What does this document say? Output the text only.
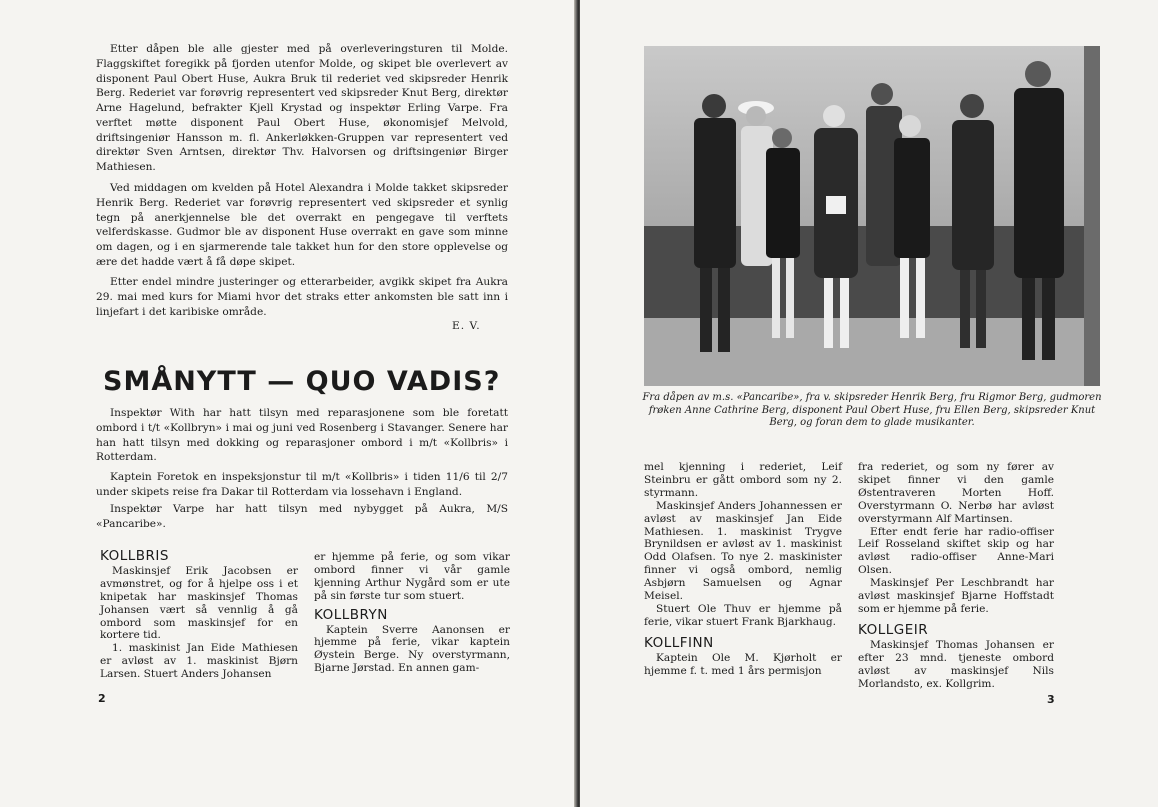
Etter dåpen ble alle gjester med på overleveringsturen til Molde. Flaggskiftet foregikk på fjorden utenfor Molde, og skipet ble overlevert av disponent Paul Obert Huse, Aukra Bruk til rederiet ved skipsreder Henrik Berg. Rederiet var forøvrig representert ved skipsreder Knut Berg, direktør Arne Hagelund, befrakter Kjell Krystad og inspektør Erling Varpe. Fra verftet møtte disponent Paul Obert Huse, økonomisjef Melvold, driftsingeniør Hansson m. fl. Ankerløkken-Gruppen var representert ved direktør Sven Arntsen, direktør Thv. Halvorsen og driftsingeniør Birger Mathiesen.

Ved middagen om kvelden på Hotel Alexandra i Molde takket skipsreder Henrik Berg. Rederiet var forøvrig representert ved skipsreder et synlig tegn på anerkjennelse ble det overrakt en pengegave til verftets velferdskasse. Gudmor ble av disponent Huse overrakt en gave som minne om dagen, og i en sjarmerende tale takket hun for den store opplevelse og ære det hadde vært å få døpe skipet.

Etter endel mindre justeringer og etterarbeider, avgikk skipet fra Aukra 29. mai med kurs for Miami hvor det straks etter ankomsten ble satt inn i linjefart i det karibiske område.

E. V.
SMÅNYTT — QUO VADIS?

Inspektør With har hatt tilsyn med reparasjonene som ble foretatt ombord i t/t «Kollbryn» i mai og juni ved Rosenberg i Stavanger. Senere har han hatt tilsyn med dokking og reparasjoner ombord i m/t «Kollbris» i Rotterdam.

Kaptein Foretok en inspeksjonstur til m/t «Kollbris» i tiden 11/6 til 2/7 under skipets reise fra Dakar til Rotterdam via lossehavn i England.

Inspektør Varpe har hatt tilsyn med nybygget på Aukra, M/S «Pancaribe».

KOLLBRIS

Maskinsjef Erik Jacobsen er avmønstret, og for å hjelpe oss i et knipetak har maskinsjef Thomas Johansen vært så vennlig å gå ombord som maskinsjef for en kortere tid.

1. maskinist Jan Eide Mathiesen er avløst av 1. maskinist Bjørn Larsen. Stuert Anders Johansen

er hjemme på ferie, og som vikar ombord finner vi vår gamle kjenning Arthur Nygård som er ute på sin første tur som stuert.

KOLLBRYN

Kaptein Sverre Aanonsen er hjemme på ferie, vikar kaptein Øystein Berge. Ny overstyrmann, Bjarne Jørstad. En annen gam-

2

Fra dåpen av m.s. «Pancaribe», fra v. skipsreder Henrik Berg, fru Rigmor Berg, gudmoren frøken Anne Cathrine Berg, disponent Paul Obert Huse, fru Ellen Berg, skipsreder Knut Berg, og foran dem to glade musikanter.

mel kjenning i rederiet, Leif Steinbru er gått ombord som ny 2. styrmann.

Maskinsjef Anders Johannessen er avløst av maskinsjef Jan Eide Mathiesen. 1. maskinist Trygve Brynildsen er avløst av 1. maskinist Odd Olafsen. To nye 2. maskinister finner vi også ombord, nemlig Asbjørn Samuelsen og Agnar Meisel.

Stuert Ole Thuv er hjemme på ferie, vikar stuert Frank Bjarkhaug.

KOLLFINN

Kaptein Ole M. Kjørholt er hjemme f. t. med 1 års permisjon

fra rederiet, og som ny fører av skipet finner vi den gamle Østentraveren Morten Hoff. Overstyrmann O. Nerbø har avløst overstyrmann Alf Martinsen.

Efter endt ferie har radio-offiser Leif Rosseland skiftet skip og har avløst radio-offiser Anne-Mari Olsen.

Maskinsjef Per Leschbrandt har avløst maskinsjef Bjarne Hoffstadt som er hjemme på ferie.

KOLLGEIR

Maskinsjef Thomas Johansen er efter 23 mnd. tjeneste ombord avløst av maskinsjef Nils Morlandsto, ex. Kollgrim.

3
